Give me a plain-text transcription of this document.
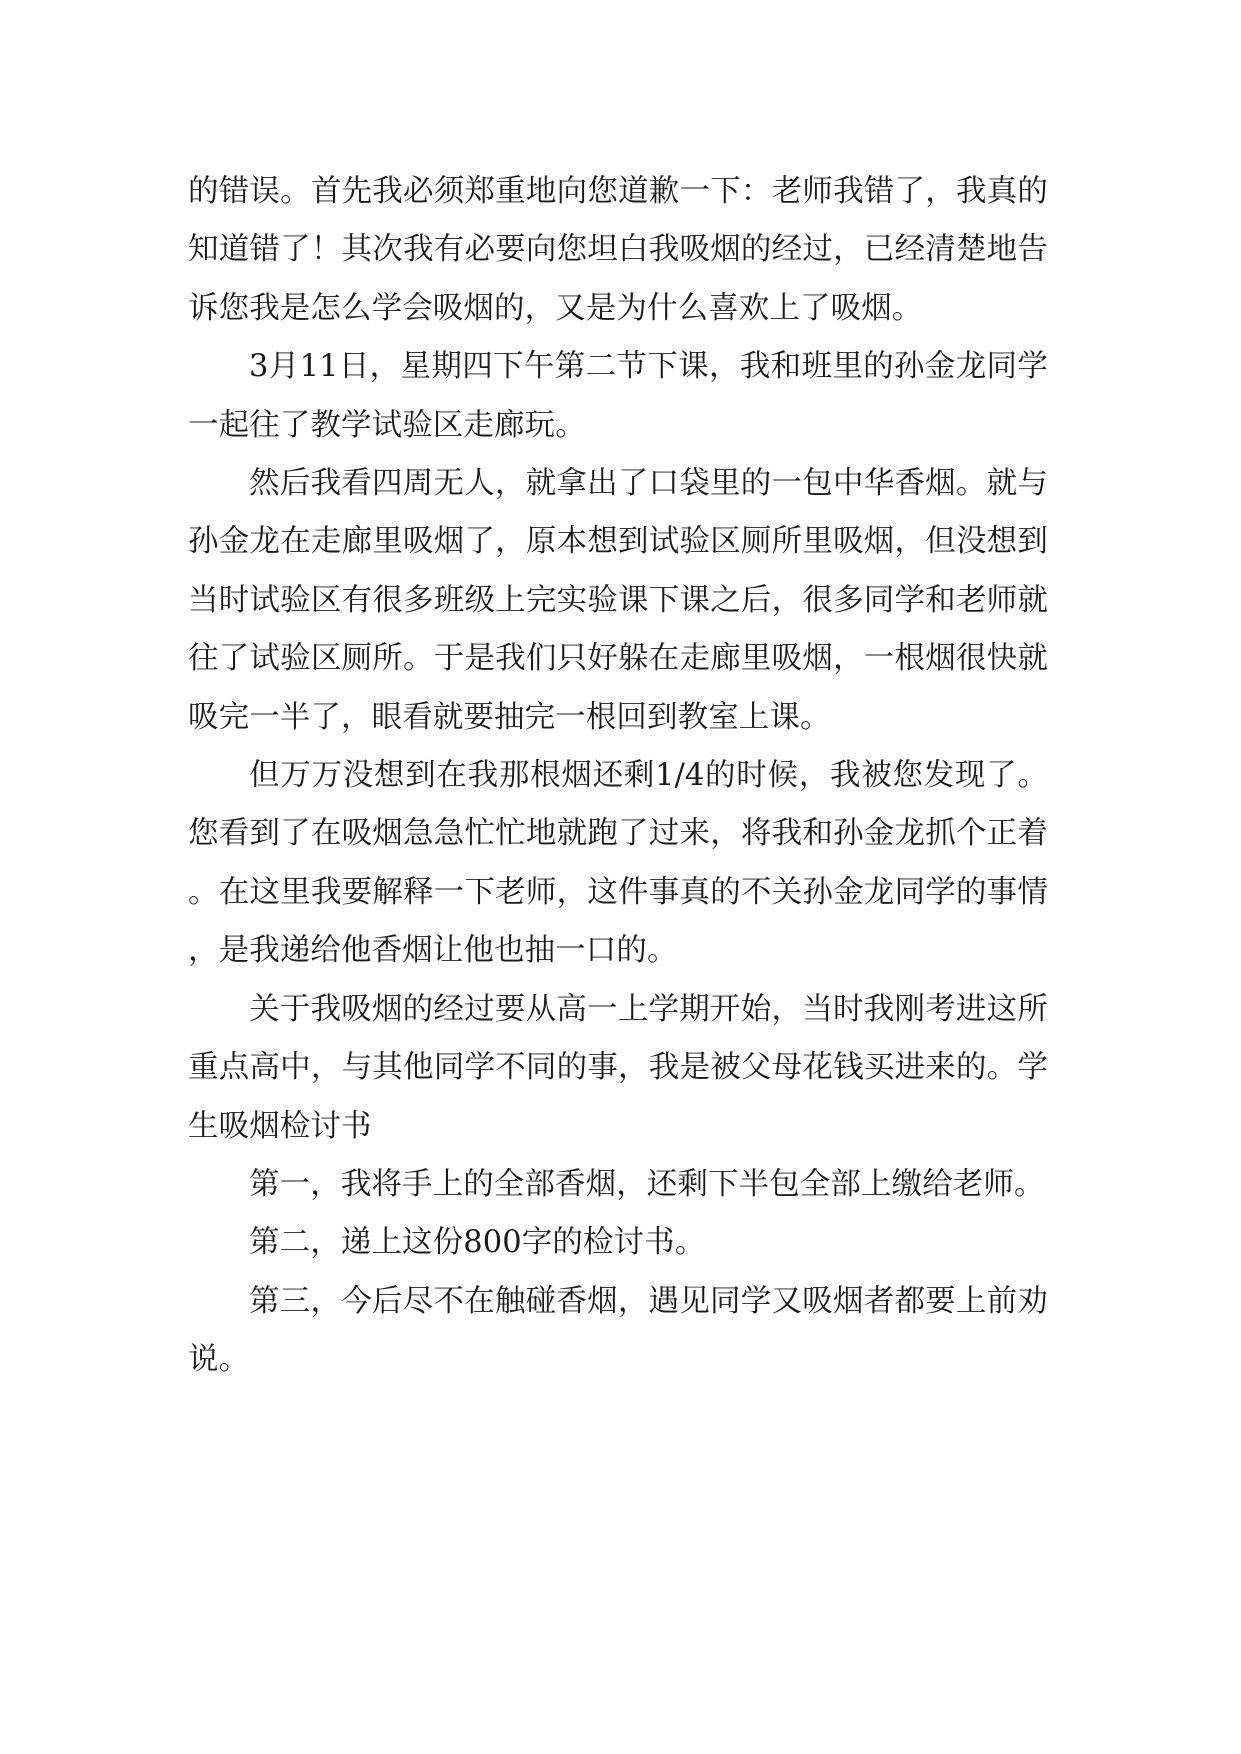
的错误。首先我必须郑重地向您道歉一下：老师我错了，我真的知道错了！其次我有必要向您坦白我吸烟的经过，已经清楚地告诉您我是怎么学会吸烟的，又是为什么喜欢上了吸烟。

3月11日，星期四下午第二节下课，我和班里的孙金龙同学一起往了教学试验区走廊玩。

然后我看四周无人，就拿出了口袋里的一包中华香烟。就与孙金龙在走廊里吸烟了，原本想到试验区厕所里吸烟，但没想到当时试验区有很多班级上完实验课下课之后，很多同学和老师就往了试验区厕所。于是我们只好躲在走廊里吸烟，一根烟很快就吸完一半了，眼看就要抽完一根回到教室上课。

但万万没想到在我那根烟还剩1/4的时候，我被您发现了。您看到了在吸烟急急忙忙地就跑了过来，将我和孙金龙抓个正着。在这里我要解释一下老师，这件事真的不关孙金龙同学的事情，是我递给他香烟让他也抽一口的。

关于我吸烟的经过要从高一上学期开始，当时我刚考进这所重点高中，与其他同学不同的事，我是被父母花钱买进来的。学生吸烟检讨书

第一，我将手上的全部香烟，还剩下半包全部上缴给老师。

第二，递上这份800字的检讨书。

第三，今后尽不在触碰香烟，遇见同学又吸烟者都要上前劝说。
